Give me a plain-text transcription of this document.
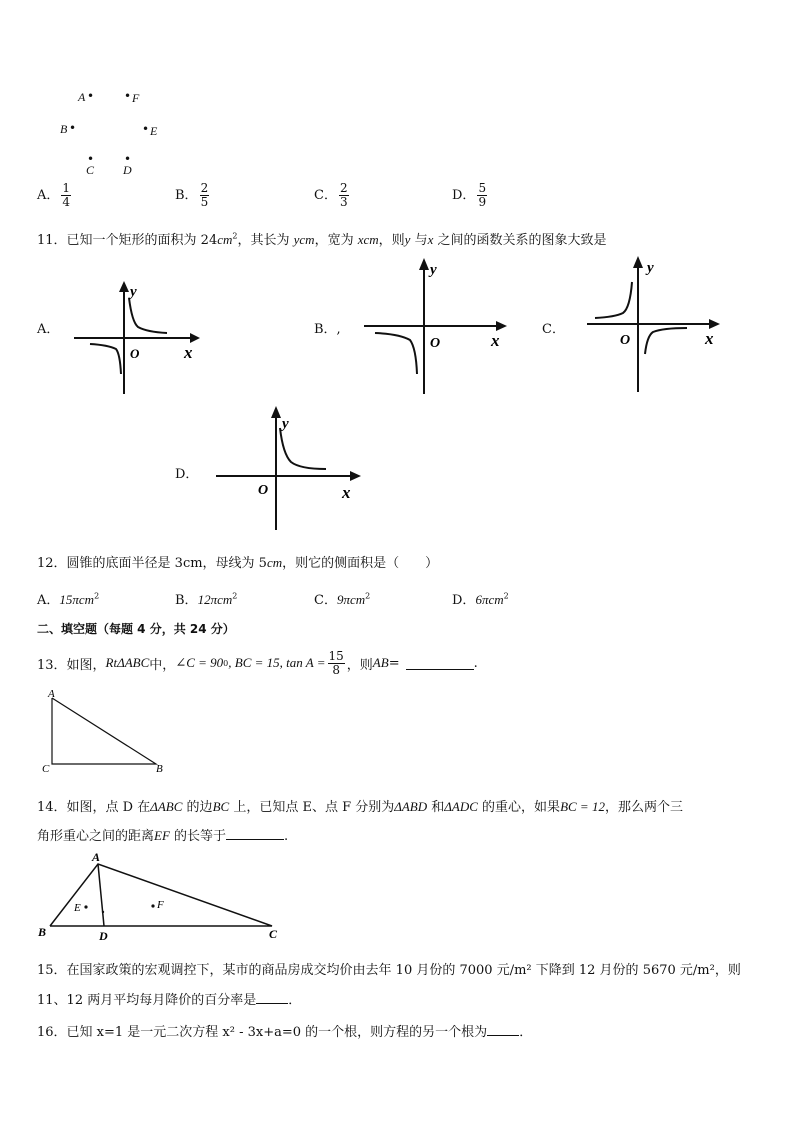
A • • F
B •	• E
•
C
•
D
A． $\frac{1}{4}$	B． $\frac{2}{5}$	C． $\frac{2}{3}$	D． $\frac{5}{9}$
11．已知一个矩形的面积为 $24cm^2$，其长为 ycm，宽为 xcm，则y 与x 之间的函数关系的图象大致是
A．
y
x
O
B．,
y
x
O
C．
y
x
O
D．
y
x
O
12．圆锥的底面半径是 3cm，母线为 5cm，则它的侧面积是（　　）
A．15πcm$^2$	B．12πcm$^2$	C．9πcm$^2$	D．6πcm$^2$
二、填空题（每题 4 分，共 24 分）
13．如图， RtΔABC 中， ∠C = 90 0 , BC = 15, $\tan A = \frac{15}{8}$ ，则 AB =	.
A
C	B
14．如图，点 D 在ΔABC 的边BC 上，已知点 E、点 F 分别为ΔABD 和ΔADC 的重心，如果BC = 12，那么两个三
角形重心之间的距离EF 的长等于	.
A
B	D	C
E	F
15．在国家政策的宏观调控下，某市的商品房成交均价由去年 10 月份的 7000 元/m² 下降到 12 月份的 5670 元/m²，则
11、12 两月平均每月降价的百分率是 ．
16．已知 x=1 是一元二次方程 x² - 3x+a=0 的一个根，则方程的另一个根为 ．
